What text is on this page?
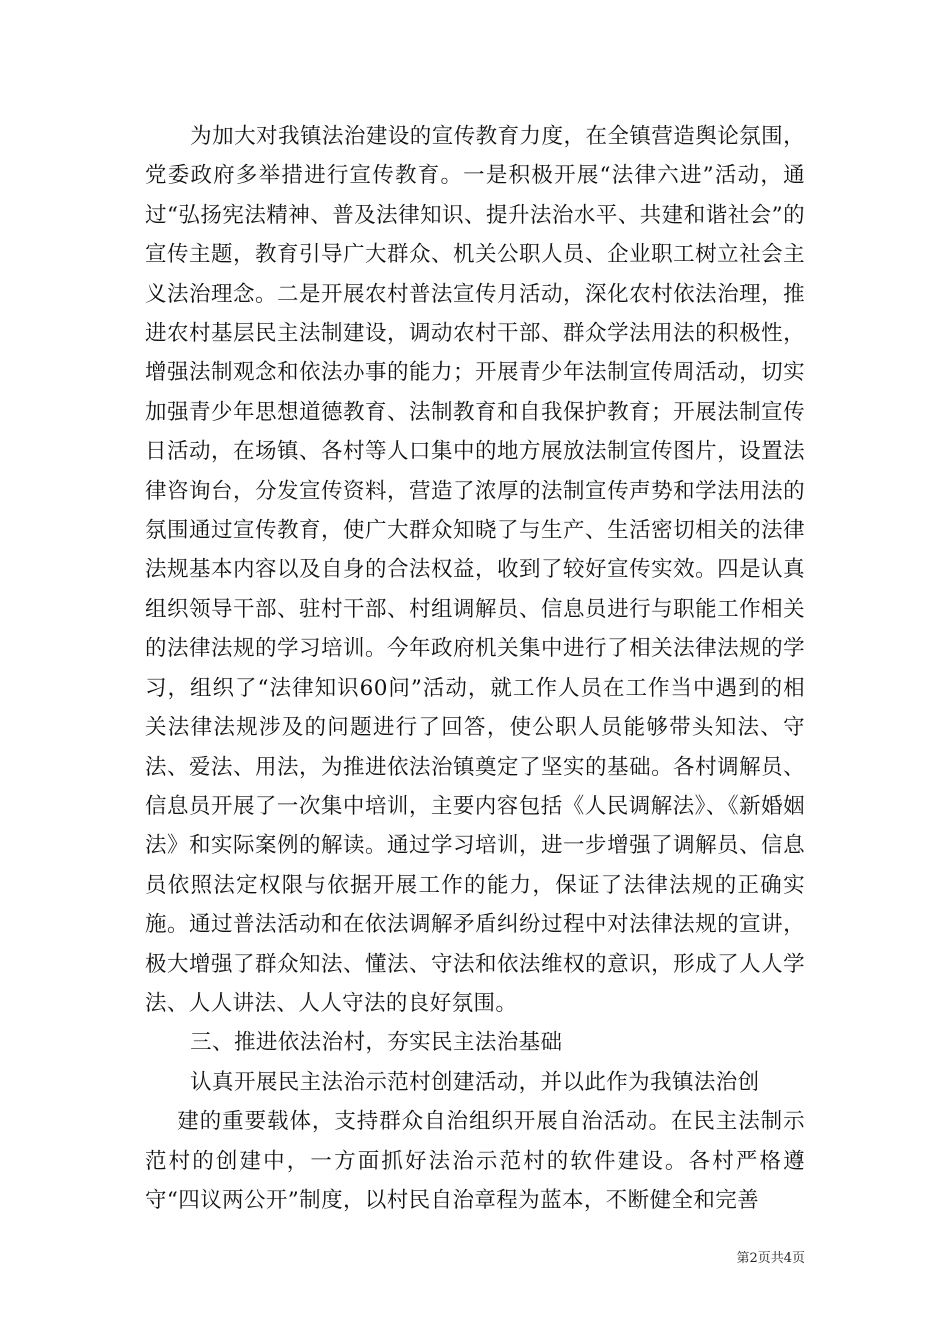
为加大对我镇法治建设的宣传教育力度，在全镇营造舆论氛围，党委政府多举措进行宣传教育。一是积极开展“法律六进”活动，通过“弘扬宪法精神、普及法律知识、提升法治水平、共建和谐社会”的宣传主题，教育引导广大群众、机关公职人员、企业职工树立社会主义法治理念。二是开展农村普法宣传月活动，深化农村依法治理，推进农村基层民主法制建设，调动农村干部、群众学法用法的积极性，增强法制观念和依法办事的能力；开展青少年法制宣传周活动，切实加强青少年思想道德教育、法制教育和自我保护教育；开展法制宣传日活动，在场镇、各村等人口集中的地方展放法制宣传图片，设置法律咨询台，分发宣传资料，营造了浓厚的法制宣传声势和学法用法的氛围通过宣传教育，使广大群众知晓了与生产、生活密切相关的法律法规基本内容以及自身的合法权益，收到了较好宣传实效。四是认真组织领导干部、驻村干部、村组调解员、信息员进行与职能工作相关的法律法规的学习培训。今年政府机关集中进行了相关法律法规的学习，组织了“法律知识60问”活动，就工作人员在工作当中遇到的相关法律法规涉及的问题进行了回答，使公职人员能够带头知法、守法、爱法、用法，为推进依法治镇奠定了坚实的基础。各村调解员、信息员开展了一次集中培训，主要内容包括《人民调解法》、《新婚姻法》和实际案例的解读。通过学习培训，进一步增强了调解员、信息员依照法定权限与依据开展工作的能力，保证了法律法规的正确实施。通过普法活动和在依法调解矛盾纠纷过程中对法律法规的宣讲，极大增强了群众知法、懂法、守法和依法维权的意识，形成了人人学法、人人讲法、人人守法的良好氛围。

三、推进依法治村，夯实民主法治基础

认真开展民主法治示范村创建活动，并以此作为我镇法治创

建的重要载体，支持群众自治组织开展自治活动。在民主法制示范村的创建中，一方面抓好法治示范村的软件建设。各村严格遵守“四议两公开”制度，以村民自治章程为蓝本，不断健全和完善

第2页共4页
